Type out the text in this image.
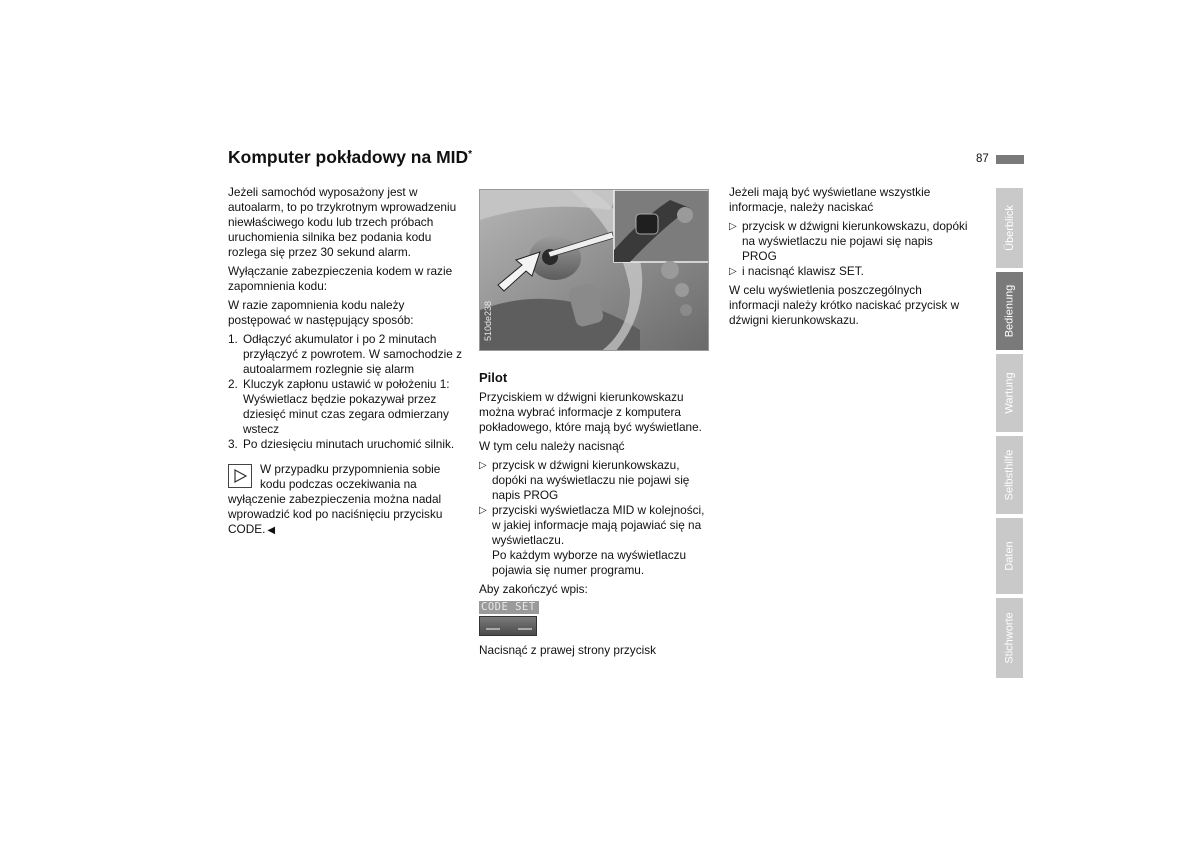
Komputer pokładowy na MID*	87

Jeżeli samochód wyposażony jest w autoalarm, to po trzykrotnym wprowadzeniu niewłaściwego kodu lub trzech próbach uruchomienia silnika bez podania kodu rozlega się przez 30 sekund alarm.

Wyłączanie zabezpieczenia kodem w razie zapomnienia kodu:

W razie zapomnienia kodu należy postępować w następujący sposób:

1. Odłączyć akumulator i po 2 minutach przyłączyć z powrotem. W samochodzie z autoalarmem rozlegnie się alarm
2. Kluczyk zapłonu ustawić w położeniu 1: Wyświetlacz będzie pokazywał przez dziesięć minut czas zegara odmierzany wstecz
3. Po dziesięciu minutach uruchomić silnik.
W przypadku przypomnienia sobie kodu podczas oczekiwania na wyłączenie zabezpieczenia można nadal wprowadzić kod po naciśnięciu przycisku CODE. ◀
510de238
Pilot

Przyciskiem w dźwigni kierunkowskazu można wybrać informacje z komputera pokładowego, które mają być wyświetlane.

W tym celu należy nacisnąć

▷ przycisk w dźwigni kierunkowskazu, dopóki na wyświetlaczu nie pojawi się napis PROG
▷ przyciski wyświetlacza MID w kolejności, w jakiej informacje mają pojawiać się na wyświetlaczu.
Po każdym wyborze na wyświetlaczu pojawia się numer programu.

Aby zakończyć wpis:

CODE SET

Nacisnąć z prawej strony przycisk

Jeżeli mają być wyświetlane wszystkie informacje, należy naciskać

▷ przycisk w dźwigni kierunkowskazu, dopóki na wyświetlaczu nie pojawi się napis PROG
▷ i nacisnąć klawisz SET.

W celu wyświetlenia poszczególnych informacji należy krótko naciskać przycisk w dźwigni kierunkowskazu.

Überblick
Bedienung
Wartung
Selbsthilfe
Daten
Stichworte
